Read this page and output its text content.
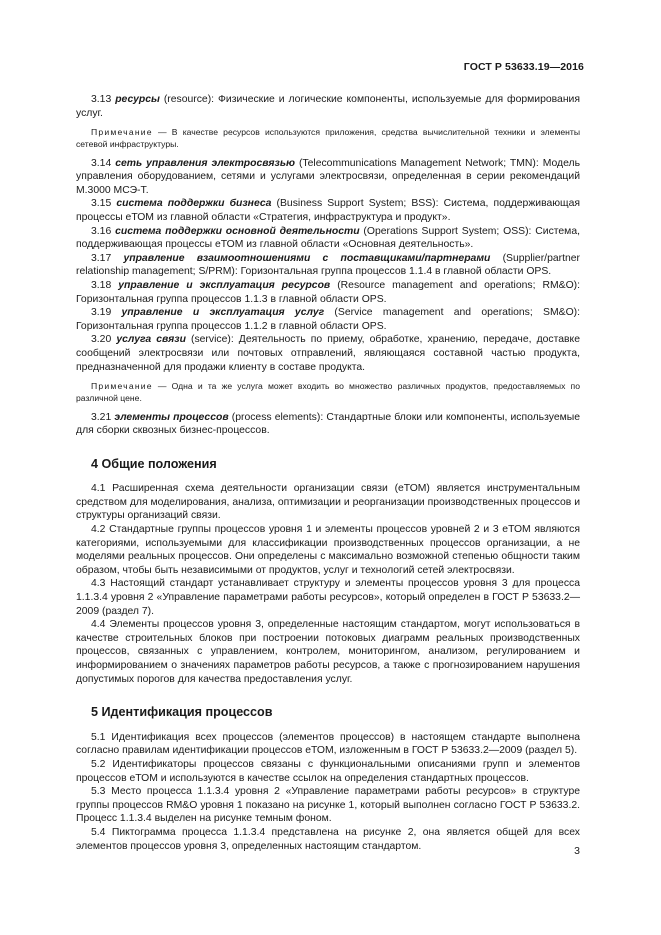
ГОСТ Р 53633.19—2016

3.13 ресурсы (resource): Физические и логические компоненты, используемые для формирования услуг.

Примечание — В качестве ресурсов используются приложения, средства вычислительной техники и элементы сетевой инфраструктуры.

3.14 сеть управления электросвязью (Telecommunications Management Network; TMN): Модель управления оборудованием, сетями и услугами электросвязи, определенная в серии рекомендаций М.3000 МСЭ-Т.

3.15 система поддержки бизнеса (Business Support System; BSS): Система, поддерживающая процессы еТОМ из главной области «Стратегия, инфраструктура и продукт».

3.16 система поддержки основной деятельности (Operations Support System; OSS): Система, поддерживающая процессы еТОМ из главной области «Основная деятельность».

3.17 управление взаимоотношениями с поставщиками/партнерами (Supplier/partner relationship management; S/PRM): Горизонтальная группа процессов 1.1.4 в главной области OPS.

3.18 управление и эксплуатация ресурсов (Resource management and operations; RM&O): Горизонтальная группа процессов 1.1.3 в главной области OPS.

3.19 управление и эксплуатация услуг (Service management and operations; SM&O): Горизонтальная группа процессов 1.1.2 в главной области OPS.

3.20 услуга связи (service): Деятельность по приему, обработке, хранению, передаче, доставке сообщений электросвязи или почтовых отправлений, являющаяся составной частью продукта, предназначенной для продажи клиенту в составе продукта.

Примечание — Одна и та же услуга может входить во множество различных продуктов, предоставляемых по различной цене.

3.21 элементы процессов (process elements): Стандартные блоки или компоненты, используемые для сборки сквозных бизнес-процессов.

4 Общие положения

4.1 Расширенная схема деятельности организации связи (еТОМ) является инструментальным средством для моделирования, анализа, оптимизации и реорганизации производственных процессов и структуры организаций связи.

4.2 Стандартные группы процессов уровня 1 и элементы процессов уровней 2 и 3 еТОМ являются категориями, используемыми для классификации производственных процессов организации, а не моделями реальных процессов. Они определены с максимально возможной степенью общности таким образом, чтобы быть независимыми от продуктов, услуг и технологий сетей электросвязи.

4.3 Настоящий стандарт устанавливает структуру и элементы процессов уровня 3 для процесса 1.1.3.4 уровня 2 «Управление параметрами работы ресурсов», который определен в ГОСТ Р 53633.2—2009 (раздел 7).

4.4 Элементы процессов уровня 3, определенные настоящим стандартом, могут использоваться в качестве строительных блоков при построении потоковых диаграмм реальных производственных процессов, связанных с управлением, контролем, мониторингом, анализом, регулированием и информированием о значениях параметров работы ресурсов, а также с прогнозированием нарушения допустимых порогов для качества предоставления услуг.

5 Идентификация процессов

5.1 Идентификация всех процессов (элементов процессов) в настоящем стандарте выполнена согласно правилам идентификации процессов еТОМ, изложенным в ГОСТ Р 53633.2—2009 (раздел 5).

5.2 Идентификаторы процессов связаны с функциональными описаниями групп и элементов процессов еТОМ и используются в качестве ссылок на определения стандартных процессов.

5.3 Место процесса 1.1.3.4 уровня 2 «Управление параметрами работы ресурсов» в структуре группы процессов RM&O уровня 1 показано на рисунке 1, который выполнен согласно ГОСТ Р 53633.2. Процесс 1.1.3.4 выделен на рисунке темным фоном.

5.4 Пиктограмма процесса 1.1.3.4 представлена на рисунке 2, она является общей для всех элементов процессов уровня 3, определенных настоящим стандартом.	3
